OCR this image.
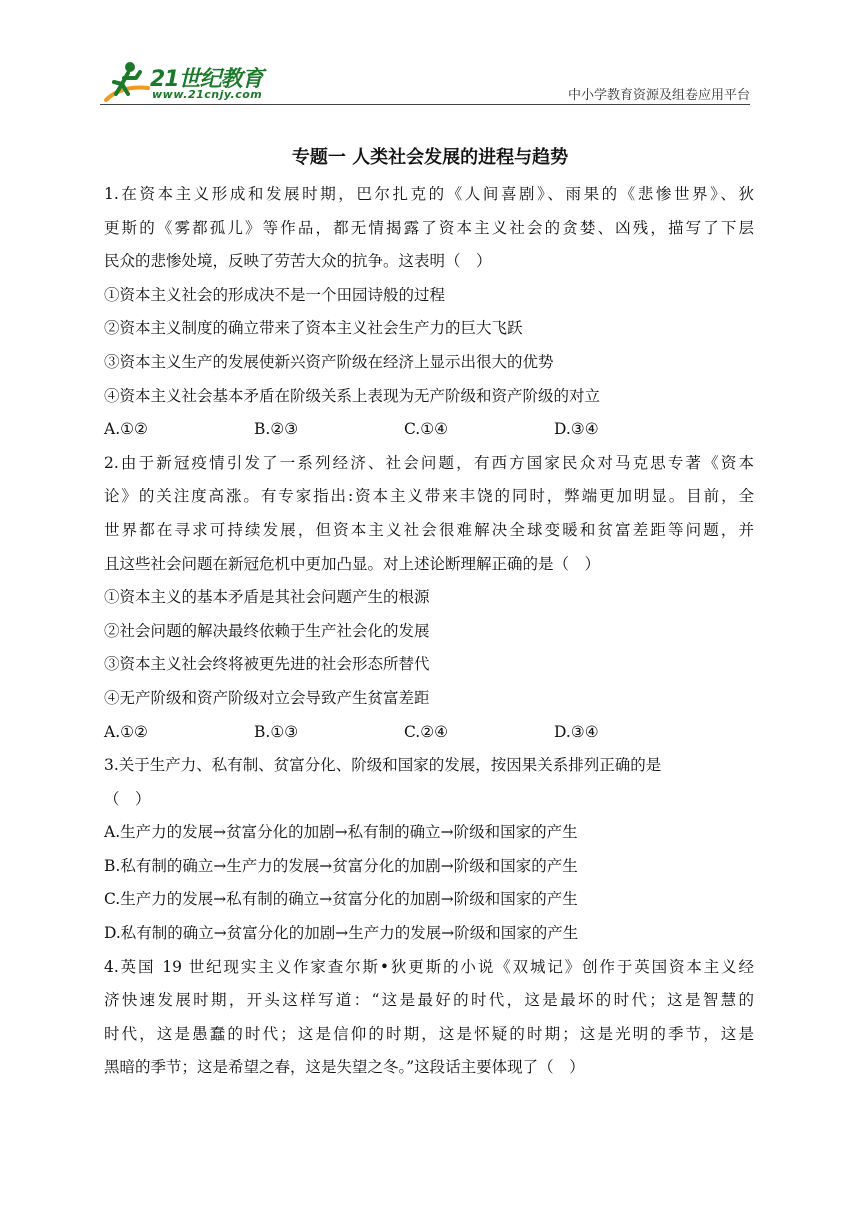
21世纪教育
www.21cnjy.com	中小学教育资源及组卷应用平台
专题一 人类社会发展的进程与趋势
1.在资本主义形成和发展时期，巴尔扎克的《人间喜剧》、雨果的《悲惨世界》、狄
更斯的《雾都孤儿》等作品，都无情揭露了资本主义社会的贪婪、凶残，描写了下层
民众的悲惨处境，反映了劳苦大众的抗争。这表明（　）
①资本主义社会的形成决不是一个田园诗般的过程
②资本主义制度的确立带来了资本主义社会生产力的巨大飞跃
③资本主义生产的发展使新兴资产阶级在经济上显示出很大的优势
④资本主义社会基本矛盾在阶级关系上表现为无产阶级和资产阶级的对立
A.①②	B.②③	C.①④	D.③④
2.由于新冠疫情引发了一系列经济、社会问题，有西方国家民众对马克思专著《资本
论》的关注度高涨。有专家指出:资本主义带来丰饶的同时，弊端更加明显。目前，全
世界都在寻求可持续发展，但资本主义社会很难解决全球变暖和贫富差距等问题，并
且这些社会问题在新冠危机中更加凸显。对上述论断理解正确的是（　）
①资本主义的基本矛盾是其社会问题产生的根源
②社会问题的解决最终依赖于生产社会化的发展
③资本主义社会终将被更先进的社会形态所替代
④无产阶级和资产阶级对立会导致产生贫富差距
A.①②	B.①③	C.②④	D.③④
3.关于生产力、私有制、贫富分化、阶级和国家的发展，按因果关系排列正确的是
（　）
A.生产力的发展→贫富分化的加剧→私有制的确立→阶级和国家的产生
B.私有制的确立→生产力的发展→贫富分化的加剧→阶级和国家的产生
C.生产力的发展→私有制的确立→贫富分化的加剧→阶级和国家的产生
D.私有制的确立→贫富分化的加剧→生产力的发展→阶级和国家的产生
4.英国 19 世纪现实主义作家查尔斯•狄更斯的小说《双城记》创作于英国资本主义经
济快速发展时期，开头这样写道：“这是最好的时代，这是最坏的时代；这是智慧的
时代，这是愚蠢的时代；这是信仰的时期，这是怀疑的时期；这是光明的季节，这是
黑暗的季节；这是希望之春，这是失望之冬。”这段话主要体现了（　）
